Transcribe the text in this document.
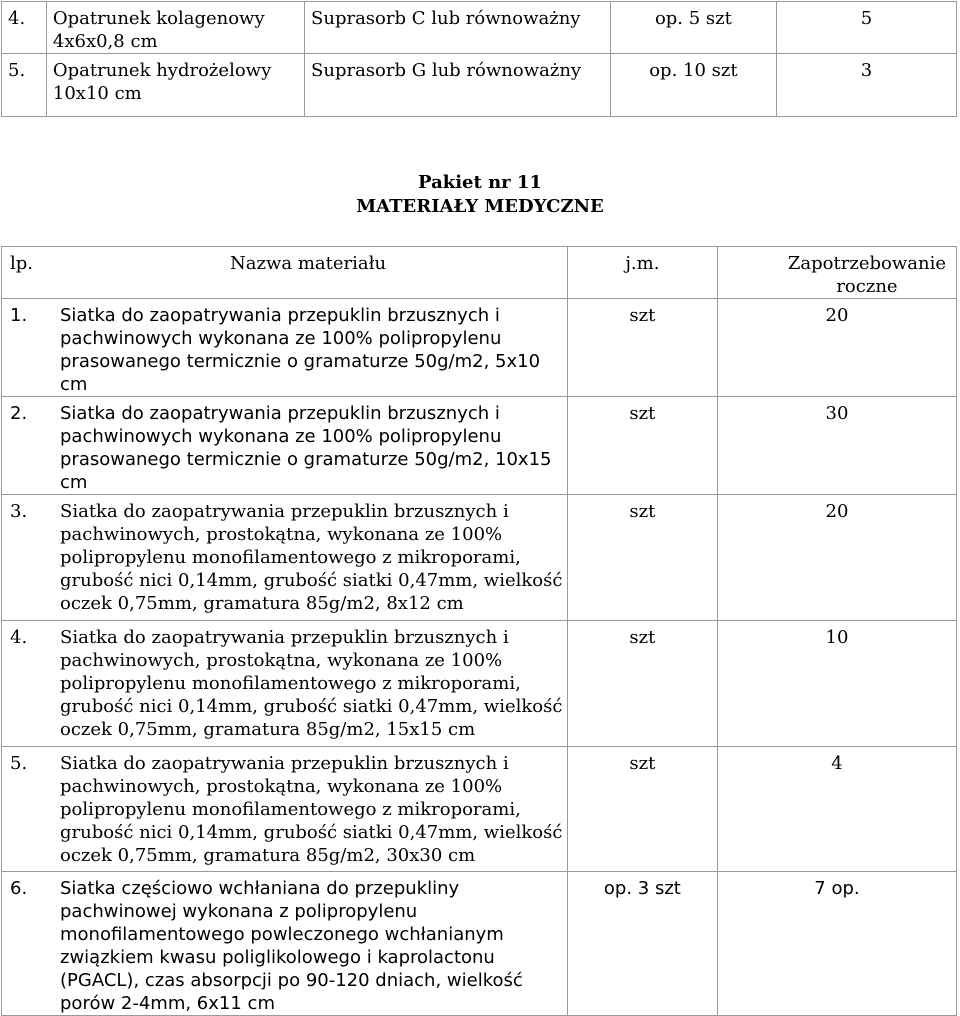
4.	Opatrunek kolagenowy 4x6x0,8 cm	Suprasorb C lub równoważny	op. 5 szt	5

5.	Opatrunek hydrożelowy 10x10 cm	Suprasorb G lub równoważny	op. 10 szt	3
Pakiet nr 11
MATERIAŁY MEDYCZNE
lp. Nazwa materiału	j.m.	Zapotrzebowanie roczne

1. Siatka do zaopatrywania przepuklin brzusznych i pachwinowych wykonana ze 100% polipropylenu prasowanego termicznie o gramaturze 50g/m2, 5x10 cm	szt	20

2. Siatka do zaopatrywania przepuklin brzusznych i pachwinowych wykonana ze 100% polipropylenu prasowanego termicznie o gramaturze 50g/m2, 10x15 cm	szt	30

3. Siatka do zaopatrywania przepuklin brzusznych i pachwinowych, prostokątna, wykonana ze 100% polipropylenu monofilamentowego z mikroporami, grubość nici 0,14mm, grubość siatki 0,47mm, wielkość oczek 0,75mm, gramatura 85g/m2, 8x12 cm	szt	20

4. Siatka do zaopatrywania przepuklin brzusznych i pachwinowych, prostokątna, wykonana ze 100% polipropylenu monofilamentowego z mikroporami, grubość nici 0,14mm, grubość siatki 0,47mm, wielkość oczek 0,75mm, gramatura 85g/m2, 15x15 cm	szt	10

5. Siatka do zaopatrywania przepuklin brzusznych i pachwinowych, prostokątna, wykonana ze 100% polipropylenu monofilamentowego z mikroporami, grubość nici 0,14mm, grubość siatki 0,47mm, wielkość oczek 0,75mm, gramatura 85g/m2, 30x30 cm	szt	4

6. Siatka częściowo wchłaniana do przepukliny pachwinowej wykonana z polipropylenu monofilamentowego powleczonego wchłanianym związkiem kwasu poliglikolowego i kaprolactonu (PGACL), czas absorpcji po 90-120 dniach, wielkość porów 2-4mm, 6x11 cm	op. 3 szt	7 op.
